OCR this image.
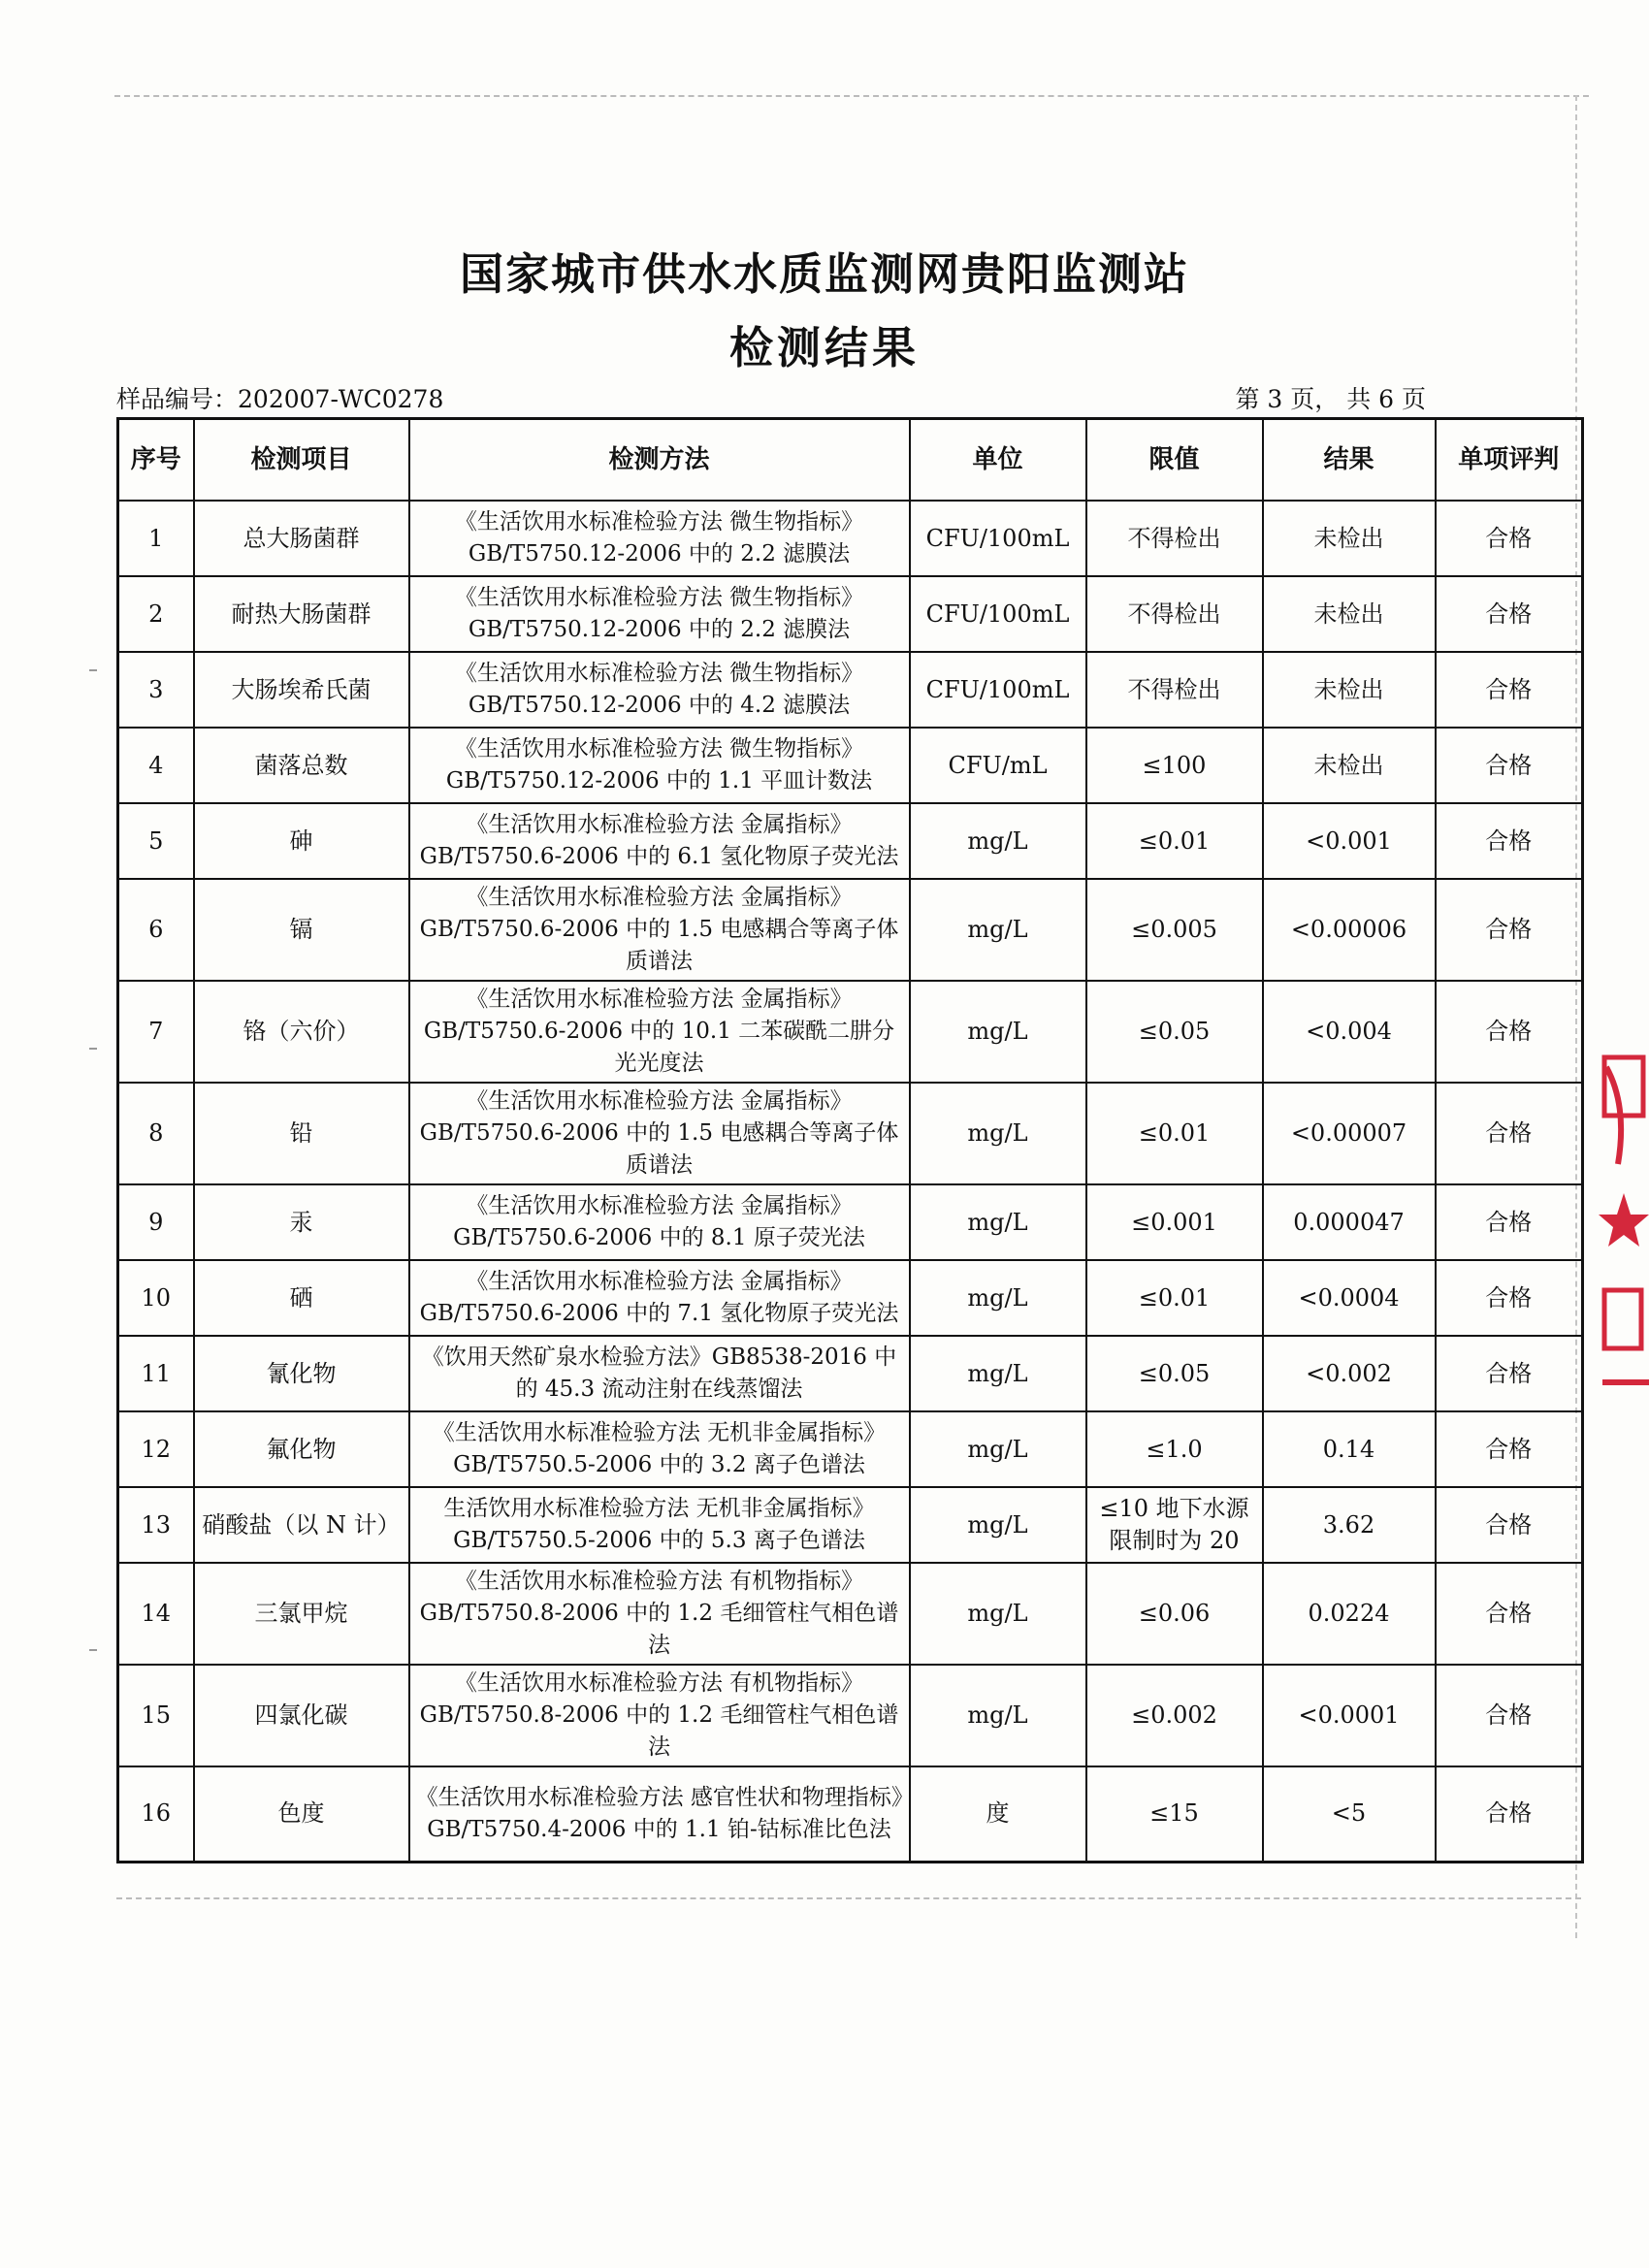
国家城市供水水质监测网贵阳监测站
检测结果
样品编号：202007-WC0278	第 3 页， 共 6 页
序号	检测项目	检测方法	单位	限值	结果	单项评判
1	总大肠菌群	《生活饮用水标准检验方法 微生物指标》GB/T5750.12-2006 中的 2.2 滤膜法	CFU/100mL	不得检出	未检出	合格
2	耐热大肠菌群	《生活饮用水标准检验方法 微生物指标》GB/T5750.12-2006 中的 2.2 滤膜法	CFU/100mL	不得检出	未检出	合格
3	大肠埃希氏菌	《生活饮用水标准检验方法 微生物指标》GB/T5750.12-2006 中的 4.2 滤膜法	CFU/100mL	不得检出	未检出	合格
4	菌落总数	《生活饮用水标准检验方法 微生物指标》GB/T5750.12-2006 中的 1.1 平皿计数法	CFU/mL	≤100	未检出	合格
5	砷	《生活饮用水标准检验方法 金属指标》GB/T5750.6-2006 中的 6.1 氢化物原子荧光法	mg/L	≤0.01	<0.001	合格
6	镉	《生活饮用水标准检验方法 金属指标》GB/T5750.6-2006 中的 1.5 电感耦合等离子体质谱法	mg/L	≤0.005	<0.00006	合格
7	铬（六价）	《生活饮用水标准检验方法 金属指标》GB/T5750.6-2006 中的 10.1 二苯碳酰二肼分光光度法	mg/L	≤0.05	<0.004	合格
8	铅	《生活饮用水标准检验方法 金属指标》GB/T5750.6-2006 中的 1.5 电感耦合等离子体质谱法	mg/L	≤0.01	<0.00007	合格
9	汞	《生活饮用水标准检验方法 金属指标》GB/T5750.6-2006 中的 8.1 原子荧光法	mg/L	≤0.001	0.000047	合格
10	硒	《生活饮用水标准检验方法 金属指标》GB/T5750.6-2006 中的 7.1 氢化物原子荧光法	mg/L	≤0.01	<0.0004	合格
11	氰化物	《饮用天然矿泉水检验方法》GB8538-2016 中的 45.3 流动注射在线蒸馏法	mg/L	≤0.05	<0.002	合格
12	氟化物	《生活饮用水标准检验方法 无机非金属指标》GB/T5750.5-2006 中的 3.2 离子色谱法	mg/L	≤1.0	0.14	合格
13	硝酸盐（以 N 计）	生活饮用水标准检验方法 无机非金属指标》GB/T5750.5-2006 中的 5.3 离子色谱法	mg/L	≤10 地下水源限制时为 20	3.62	合格
14	三氯甲烷	《生活饮用水标准检验方法 有机物指标》GB/T5750.8-2006 中的 1.2 毛细管柱气相色谱法	mg/L	≤0.06	0.0224	合格
15	四氯化碳	《生活饮用水标准检验方法 有机物指标》GB/T5750.8-2006 中的 1.2 毛细管柱气相色谱法	mg/L	≤0.002	<0.0001	合格
16	色度	《生活饮用水标准检验方法 感官性状和物理指标》GB/T5750.4-2006 中的 1.1 铂-钴标准比色法	度	≤15	<5	合格
